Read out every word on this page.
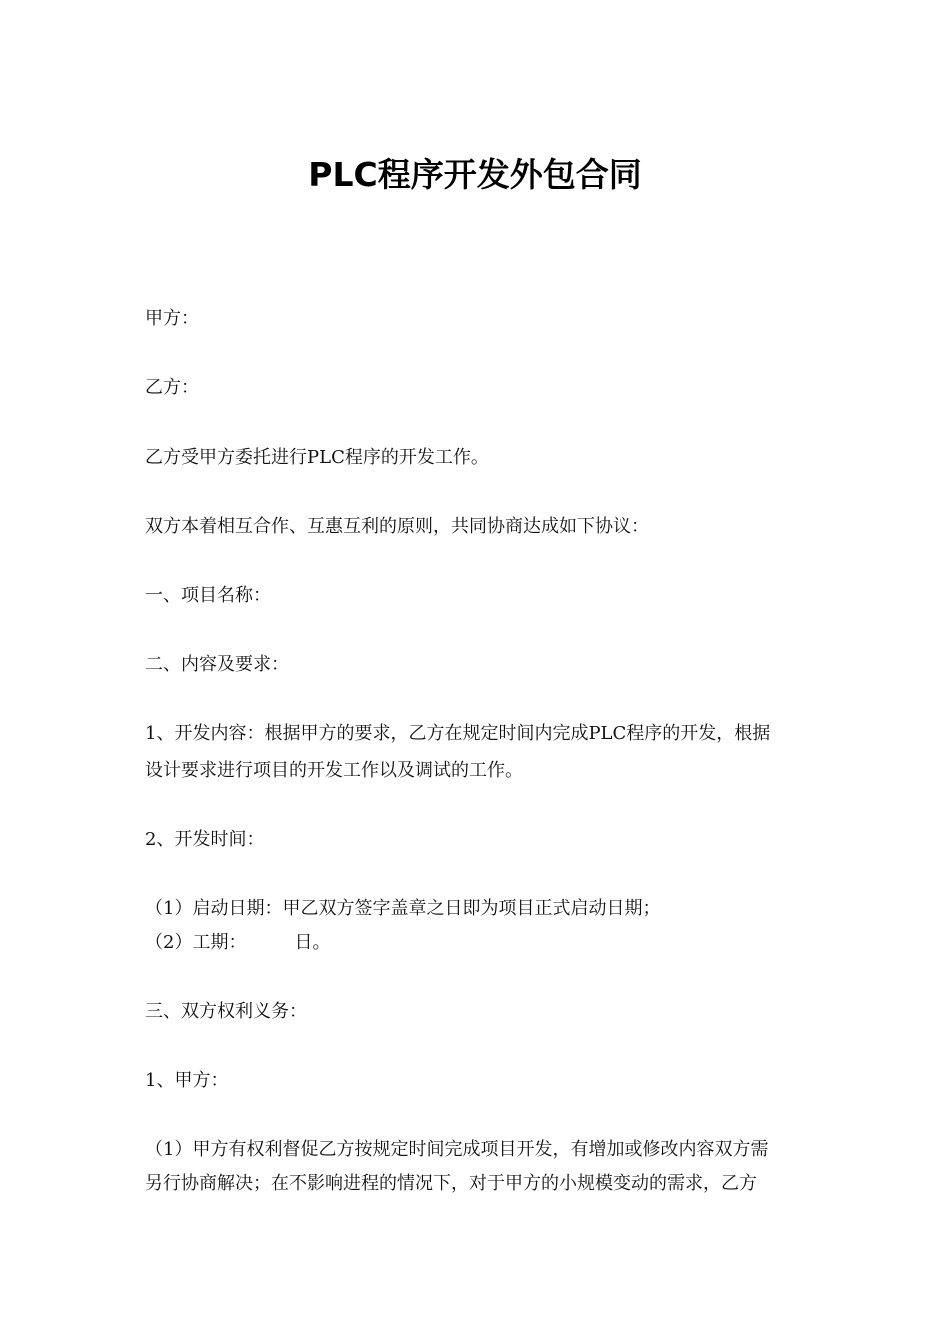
PLC程序开发外包合同

甲方：

乙方：

乙方受甲方委托进行PLC程序的开发工作。

双方本着相互合作、互惠互利的原则，共同协商达成如下协议：

一、项目名称：

二、内容及要求：

1、开发内容：根据甲方的要求，乙方在规定时间内完成PLC程序的开发，根据

设计要求进行项目的开发工作以及调试的工作。

2、开发时间：

（1）启动日期：甲乙双方签字盖章之日即为项目正式启动日期；

（2）工期：	日。

三、双方权利义务：

1、甲方：

（1）甲方有权利督促乙方按规定时间完成项目开发，有增加或修改内容双方需

另行协商解决；在不影响进程的情况下，对于甲方的小规模变动的需求，乙方
